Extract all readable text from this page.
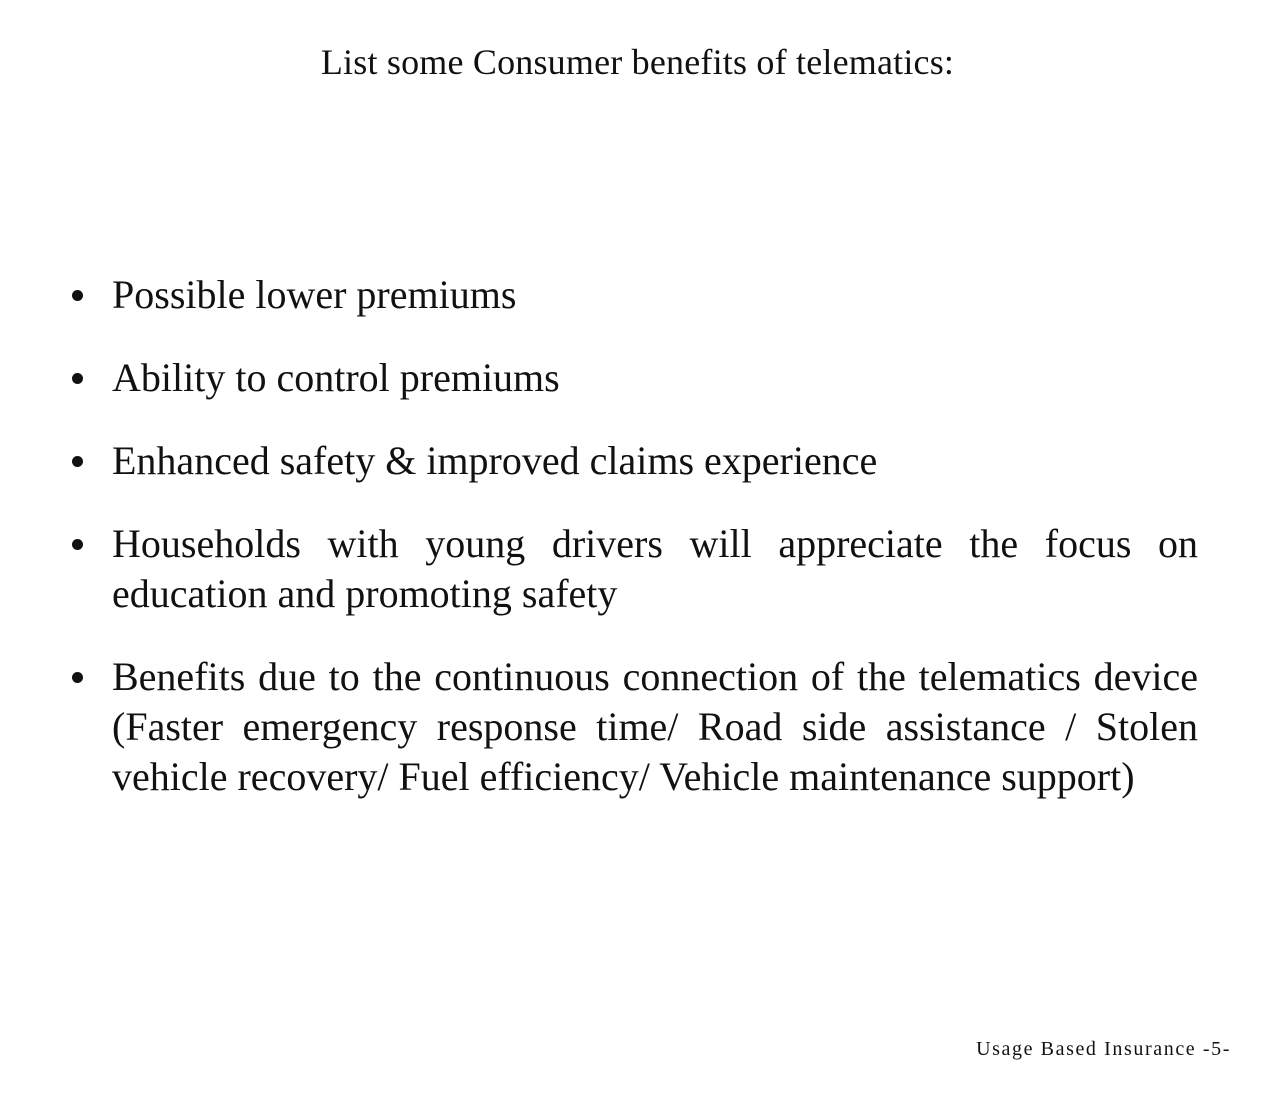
List some Consumer benefits of telematics:
Possible lower premiums
Ability to control premiums
Enhanced safety & improved claims experience
Households with young drivers will appreciate the focus on education and promoting safety
Benefits due to the continuous connection of the telematics device (Faster emergency response time/ Road side assistance / Stolen vehicle recovery/ Fuel efficiency/ Vehicle maintenance support)
Usage Based Insurance -5-
